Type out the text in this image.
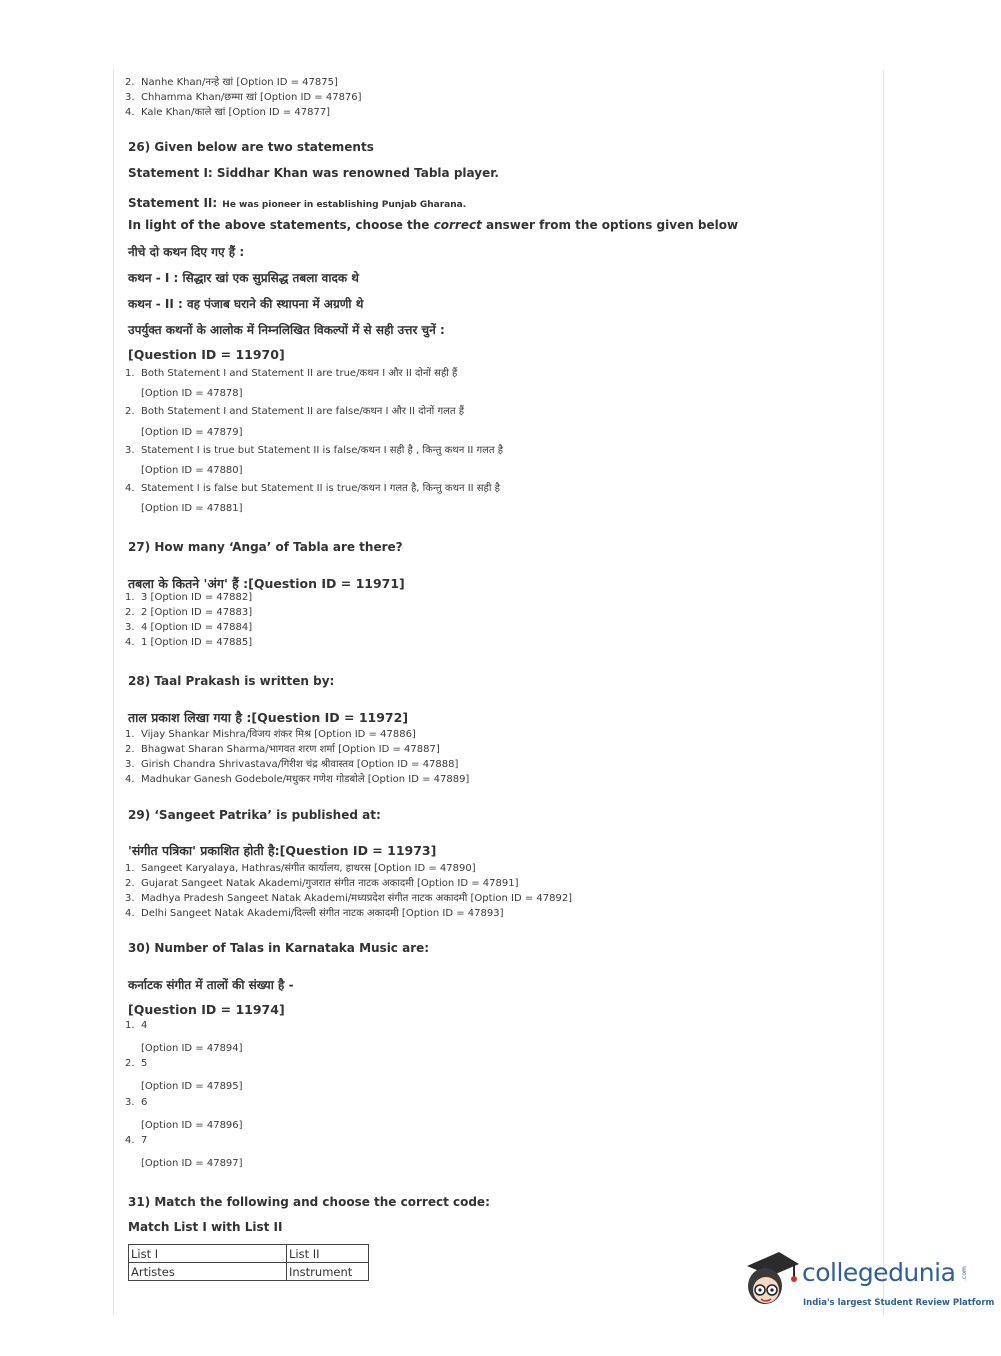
2. Nanhe Khan/नन्हे खां [Option ID = 47875]
3. Chhamma Khan/छम्मा खां [Option ID = 47876]
4. Kale Khan/काले खां [Option ID = 47877]
26) Given below are two statements
Statement I: Siddhar Khan was renowned Tabla player.
Statement II: He was pioneer in establishing Punjab Gharana.
In light of the above statements, choose the correct answer from the options given below
नीचे दो कथन दिए गए हैं :
कथन - I : सिद्धार खां एक सुप्रसिद्ध तबला वादक थे
कथन - II : वह पंजाब घराने की स्थापना में अग्रणी थे
उपर्युक्त कथनों के आलोक में निम्नलिखित विकल्पों में से सही उत्तर चुनें :
[Question ID = 11970]
1. Both Statement I and Statement II are true/कथन I और II दोनों सही हैं
[Option ID = 47878]
2. Both Statement I and Statement II are false/कथन I और II दोनों गलत हैं
[Option ID = 47879]
3. Statement I is true but Statement II is false/कथन I सही है , किन्तु कथन II गलत है
[Option ID = 47880]
4. Statement I is false but Statement II is true/कथन I गलत है, किन्तु कथन II सही है
[Option ID = 47881]
27) How many ‘Anga’ of Tabla are there?
तबला के कितने 'अंग' हैं :[Question ID = 11971]
1. 3 [Option ID = 47882]
2. 2 [Option ID = 47883]
3. 4 [Option ID = 47884]
4. 1 [Option ID = 47885]
28) Taal Prakash is written by:
ताल प्रकाश लिखा गया है :[Question ID = 11972]
1. Vijay Shankar Mishra/विजय शंकर मिश्र [Option ID = 47886]
2. Bhagwat Sharan Sharma/भागवत शरण शर्मा [Option ID = 47887]
3. Girish Chandra Shrivastava/गिरीश चंद्र श्रीवास्तव [Option ID = 47888]
4. Madhukar Ganesh Godebole/मधुकर गणेश गोडबोले [Option ID = 47889]
29) ‘Sangeet Patrika’ is published at:
'संगीत पत्रिका' प्रकाशित होती है:[Question ID = 11973]
1. Sangeet Karyalaya, Hathras/संगीत कार्यालय, हाथरस [Option ID = 47890]
2. Gujarat Sangeet Natak Akademi/गुजरात संगीत नाटक अकादमी [Option ID = 47891]
3. Madhya Pradesh Sangeet Natak Akademi/मध्यप्रदेश संगीत नाटक अकादमी [Option ID = 47892]
4. Delhi Sangeet Natak Akademi/दिल्ली संगीत नाटक अकादमी [Option ID = 47893]
30) Number of Talas in Karnataka Music are:
कर्नाटक संगीत में तालों की संख्या है -
[Question ID = 11974]
1. 4
[Option ID = 47894]
2. 5
[Option ID = 47895]
3. 6
[Option ID = 47896]
4. 7
[Option ID = 47897]
31) Match the following and choose the correct code:
Match List I with List II
List I	List II
Artistes	Instrument	collegedunia .com
India's largest Student Review Platform
